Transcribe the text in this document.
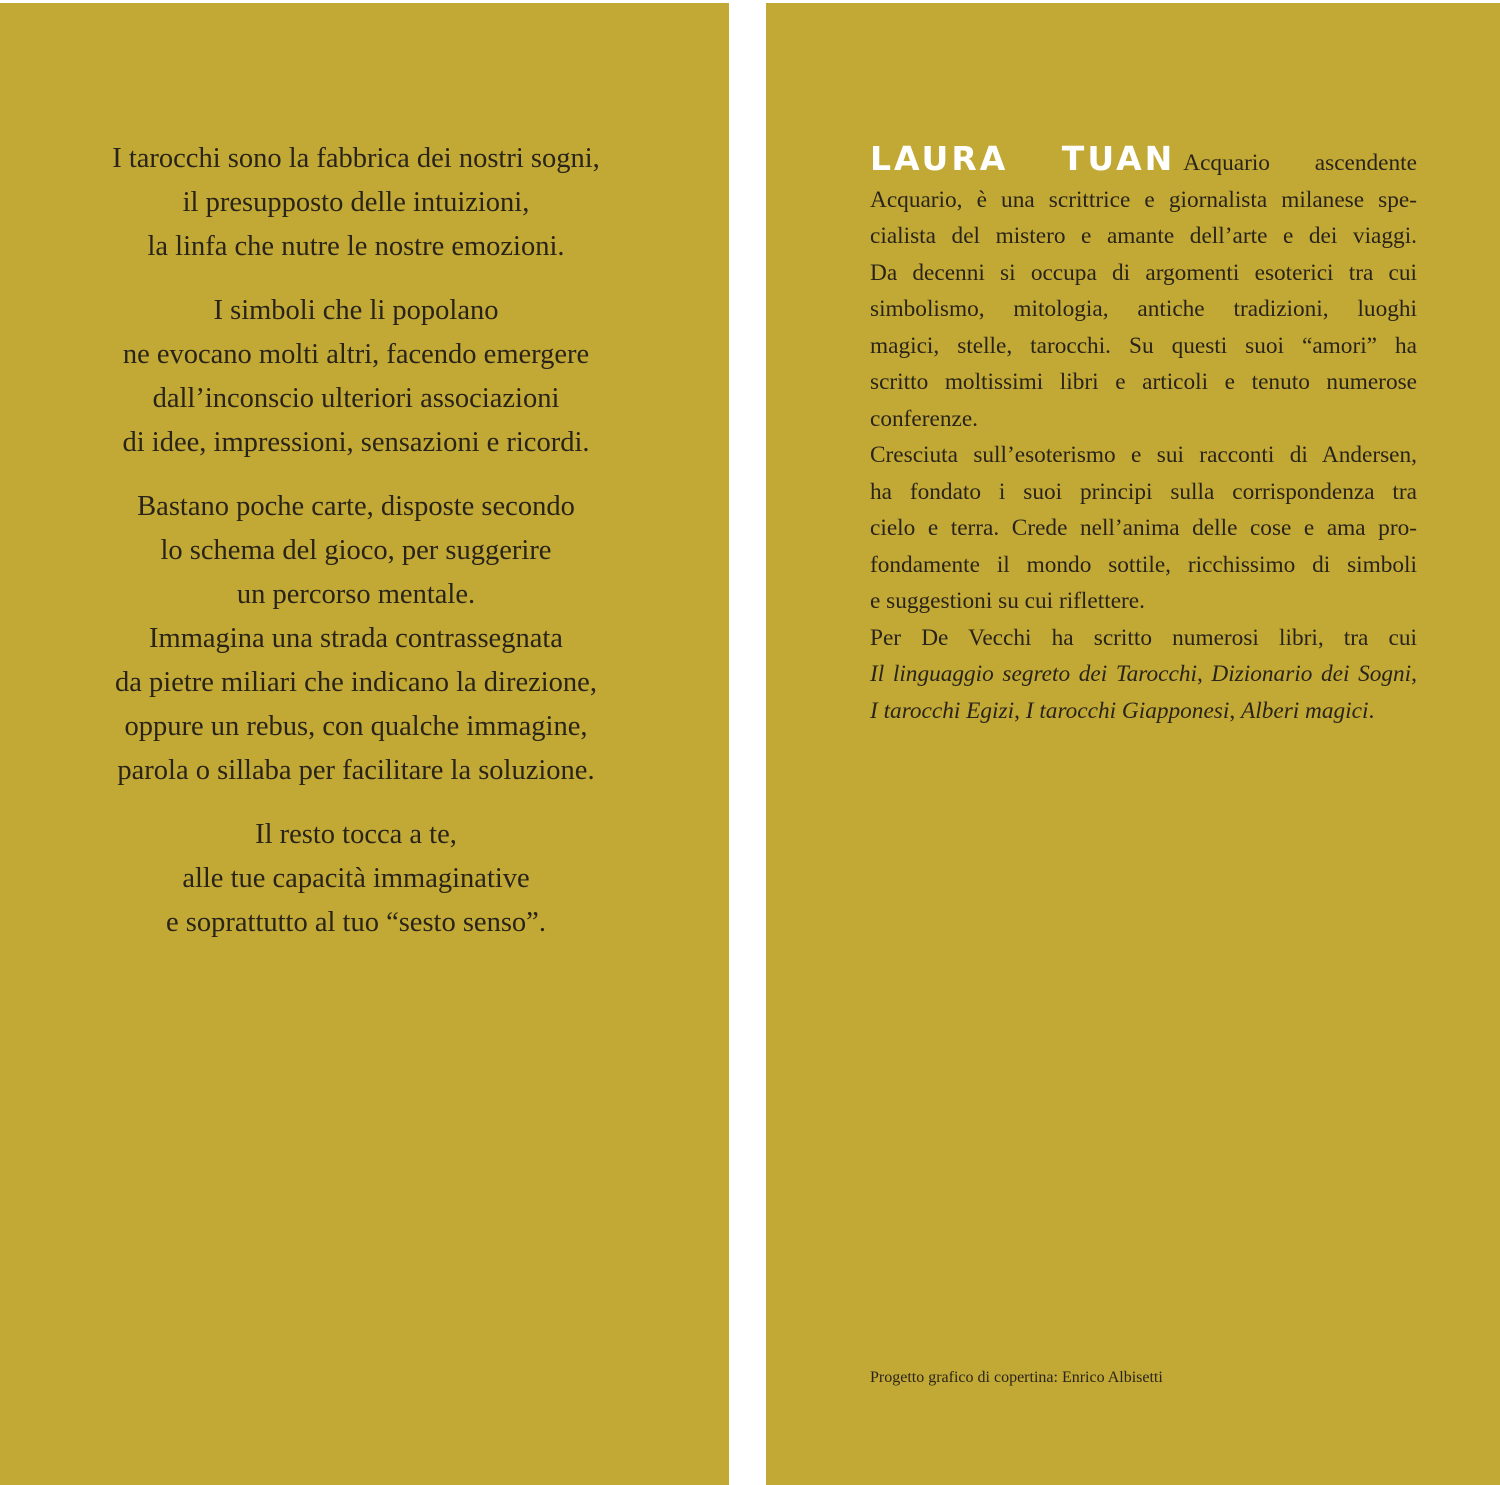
I tarocchi sono la fabbrica dei nostri sogni,
il presupposto delle intuizioni,
la linfa che nutre le nostre emozioni.
I simboli che li popolano
ne evocano molti altri, facendo emergere
dall’inconscio ulteriori associazioni
di idee, impressioni, sensazioni e ricordi.
Bastano poche carte, disposte secondo
lo schema del gioco, per suggerire
un percorso mentale.
Immagina una strada contrassegnata
da pietre miliari che indicano la direzione,
oppure un rebus, con qualche immagine,
parola o sillaba per facilitare la soluzione.
Il resto tocca a te,
alle tue capacità immaginative
e soprattutto al tuo “sesto senso”.
LAURA TUAN Acquario ascendente
Acquario, è una scrittrice e giornalista milanese spe-
cialista del mistero e amante dell’arte e dei viaggi.
Da decenni si occupa di argomenti esoterici tra cui
simbolismo, mitologia, antiche tradizioni, luoghi
magici, stelle, tarocchi. Su questi suoi “amori” ha
scritto moltissimi libri e articoli e tenuto numerose
conferenze.
Cresciuta sull’esoterismo e sui racconti di Andersen,
ha fondato i suoi principi sulla corrispondenza tra
cielo e terra. Crede nell’anima delle cose e ama pro-
fondamente il mondo sottile, ricchissimo di simboli
e suggestioni su cui riflettere.
Per De Vecchi ha scritto numerosi libri, tra cui
Il linguaggio segreto dei Tarocchi, Dizionario dei Sogni,
I tarocchi Egizi, I tarocchi Giapponesi, Alberi magici.
Progetto grafico di copertina: Enrico Albisetti
